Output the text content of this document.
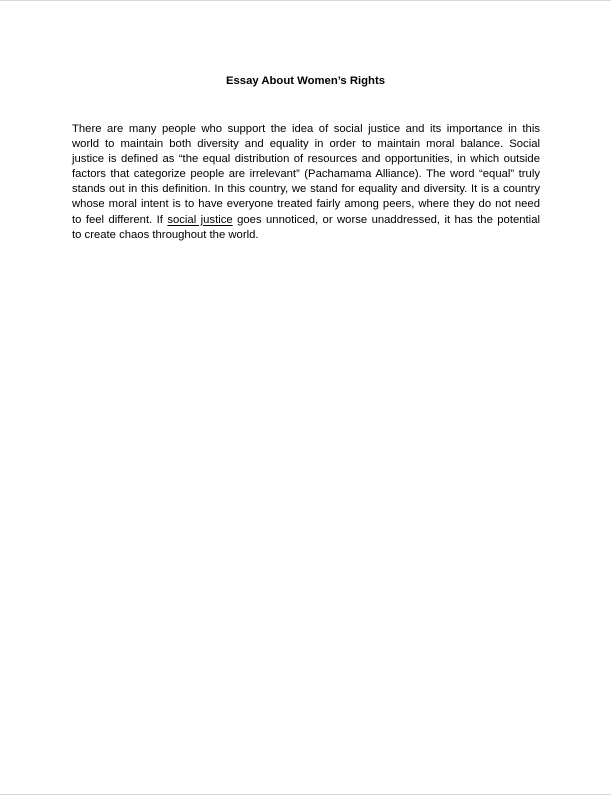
Essay About Women’s Rights
There are many people who support the idea of social justice and its importance in this
world to maintain both diversity and equality in order to maintain moral balance. Social
justice is defined as “the equal distribution of resources and opportunities, in which outside
factors that categorize people are irrelevant” (Pachamama Alliance). The word “equal” truly
stands out in this definition. In this country, we stand for equality and diversity. It is a country
whose moral intent is to have everyone treated fairly among peers, where they do not need
to feel different. If social justice goes unnoticed, or worse unaddressed, it has the potential
to create chaos throughout the world.
